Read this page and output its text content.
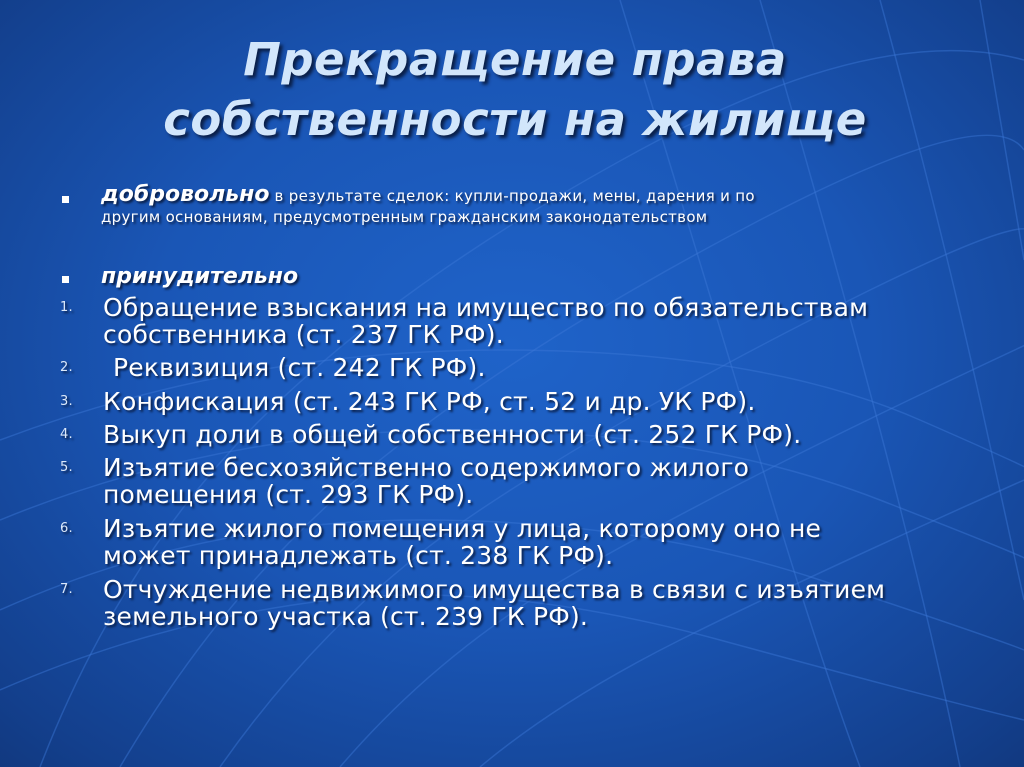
Прекращение права
собственности на жилище
добровольно в результате сделок: купли-продажи, мены, дарения и по
другим основаниям, предусмотренным гражданским законодательством
принудительно
1. Обращение взыскания на имущество по обязательствам
собственника (ст. 237 ГК РФ).
2. Реквизиция (ст. 242 ГК РФ).
3. Конфискация (ст. 243 ГК РФ, ст. 52 и др. УК РФ).
4. Выкуп доли в общей собственности (ст. 252 ГК РФ).
5. Изъятие бесхозяйственно содержимого жилого
помещения (ст. 293 ГК РФ).
6. Изъятие жилого помещения у лица, которому оно не
может принадлежать (ст. 238 ГК РФ).
7. Отчуждение недвижимого имущества в связи с изъятием
земельного участка (ст. 239 ГК РФ).
